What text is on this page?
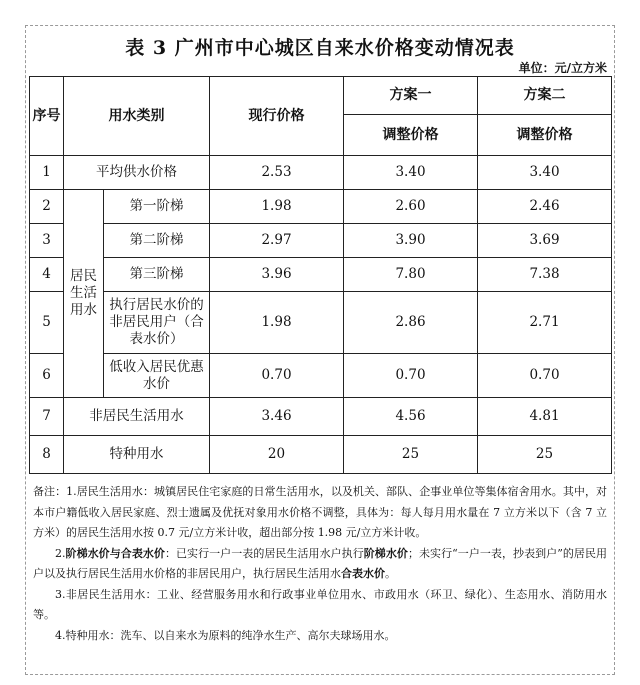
表 3 广州市中心城区自来水价格变动情况表
单位：元/立方米
序号	用水类别		现行价格	方案一	方案二
				调整价格	调整价格
1	平均供水价格		2.53	3.40	3.40
2	居民生活用水	第一阶梯	1.98	2.60	2.46
3		第二阶梯	2.97	3.90	3.69
4		第三阶梯	3.96	7.80	7.38
5		执行居民水价的非居民用户（合表水价）	1.98	2.86	2.71
6		低收入居民优惠水价	0.70	0.70	0.70
7	非居民生活用水		3.46	4.56	4.81
8	特种用水		20	25	25

备注：1.居民生活用水：城镇居民住宅家庭的日常生活用水，以及机关、部队、企事业单位等集体宿舍用水。其中，对本市户籍低收入居民家庭、烈士遗属及优抚对象用水价格不调整，具体为：每人每月用水量在 7 立方米以下（含 7 立方米）的居民生活用水按 0.7 元/立方米计收，超出部分按 1.98 元/立方米计收。

2.阶梯水价与合表水价：已实行一户一表的居民生活用水户执行阶梯水价；未实行“一户一表，抄表到户”的居民用户以及执行居民生活用水价格的非居民用户，执行居民生活用水合表水价。

3.非居民生活用水：工业、经营服务用水和行政事业单位用水、市政用水（环卫、绿化）、生态用水、消防用水等。

4.特种用水：洗车、以自来水为原料的纯净水生产、高尔夫球场用水。
